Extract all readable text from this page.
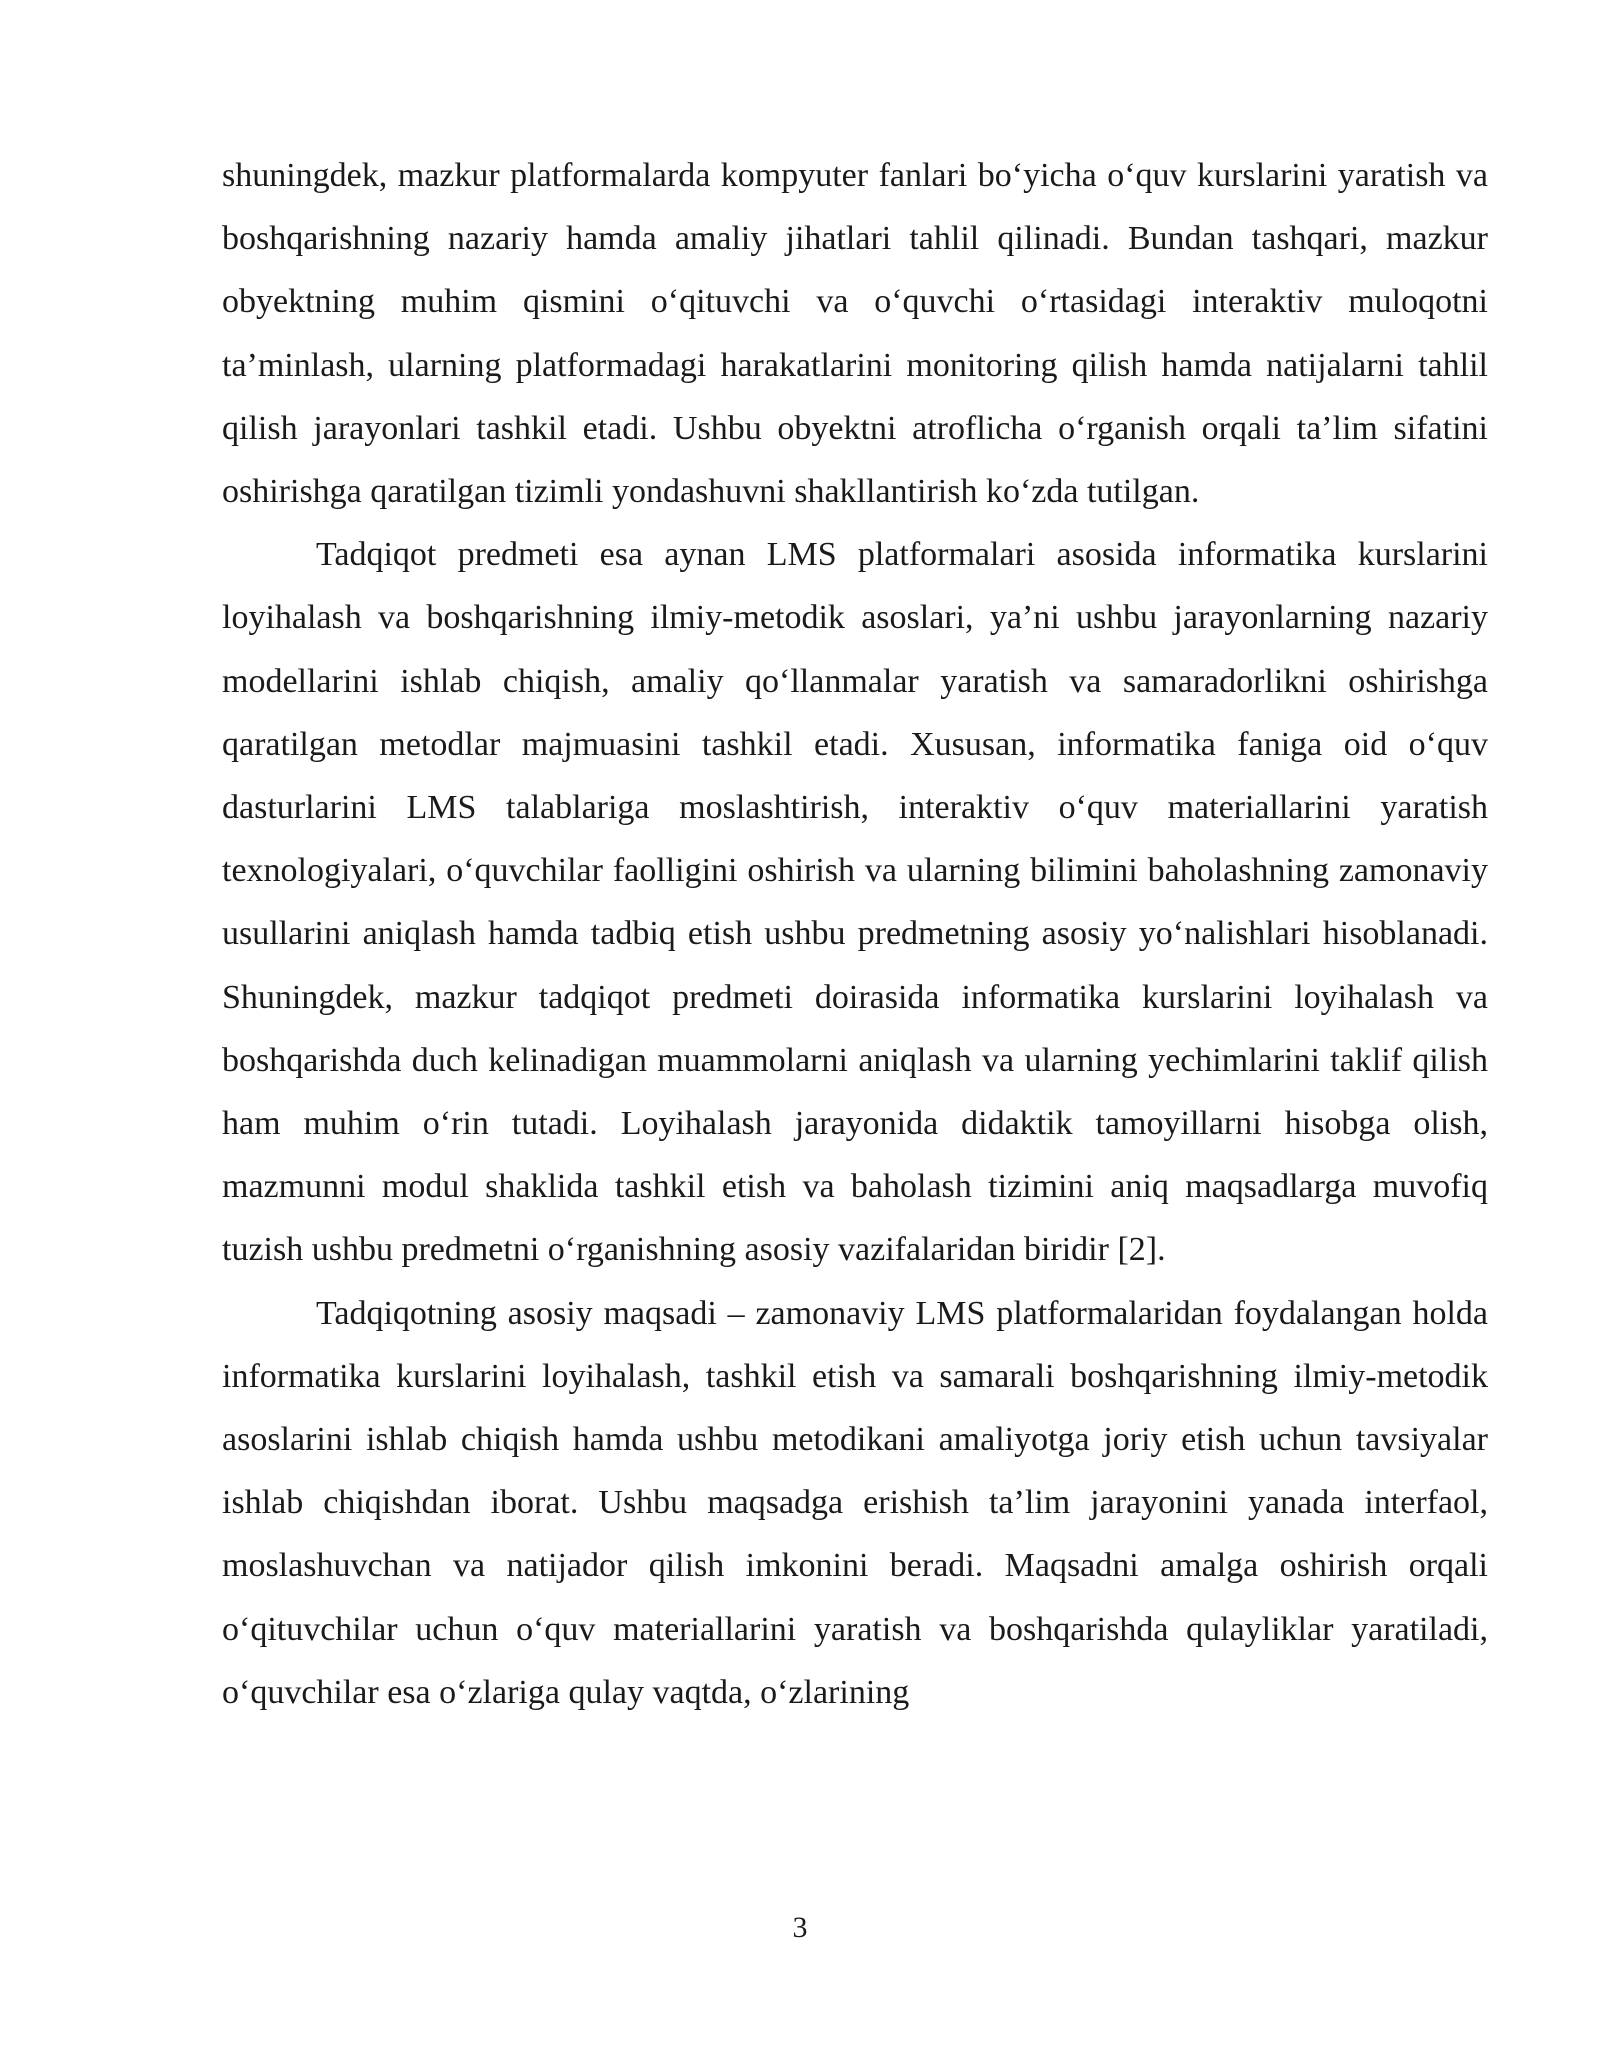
shuningdek, mazkur platformalarda kompyuter fanlari bo‘yicha o‘quv kurslarini yaratish va boshqarishning nazariy hamda amaliy jihatlari tahlil qilinadi. Bundan tashqari, mazkur obyektning muhim qismini o‘qituvchi va o‘quvchi o‘rtasidagi interaktiv muloqotni ta’minlash, ularning platformadagi harakatlarini monitoring qilish hamda natijalarni tahlil qilish jarayonlari tashkil etadi. Ushbu obyektni atroflicha o‘rganish orqali ta’lim sifatini oshirishga qaratilgan tizimli yondashuvni shakllantirish ko‘zda tutilgan.

Tadqiqot predmeti esa aynan LMS platformalari asosida informatika kurslarini loyihalash va boshqarishning ilmiy-metodik asoslari, ya’ni ushbu jarayonlarning nazariy modellarini ishlab chiqish, amaliy qo‘llanmalar yaratish va samaradorlikni oshirishga qaratilgan metodlar majmuasini tashkil etadi. Xususan, informatika faniga oid o‘quv dasturlarini LMS talablariga moslashtirish, interaktiv o‘quv materiallarini yaratish texnologiyalari, o‘quvchilar faolligini oshirish va ularning bilimini baholashning zamonaviy usullarini aniqlash hamda tadbiq etish ushbu predmetning asosiy yo‘nalishlari hisoblanadi. Shuningdek, mazkur tadqiqot predmeti doirasida informatika kurslarini loyihalash va boshqarishda duch kelinadigan muammolarni aniqlash va ularning yechimlarini taklif qilish ham muhim o‘rin tutadi. Loyihalash jarayonida didaktik tamoyillarni hisobga olish, mazmunni modul shaklida tashkil etish va baholash tizimini aniq maqsadlarga muvofiq tuzish ushbu predmetni o‘rganishning asosiy vazifalaridan biridir [2].

Tadqiqotning asosiy maqsadi – zamonaviy LMS platformalaridan foydalangan holda informatika kurslarini loyihalash, tashkil etish va samarali boshqarishning ilmiy-metodik asoslarini ishlab chiqish hamda ushbu metodikani amaliyotga joriy etish uchun tavsiyalar ishlab chiqishdan iborat. Ushbu maqsadga erishish ta’lim jarayonini yanada interfaol, moslashuvchan va natijador qilish imkonini beradi. Maqsadni amalga oshirish orqali o‘qituvchilar uchun o‘quv materiallarini yaratish va boshqarishda qulayliklar yaratiladi, o‘quvchilar esa o‘zlariga qulay vaqtda, o‘zlarining

3
